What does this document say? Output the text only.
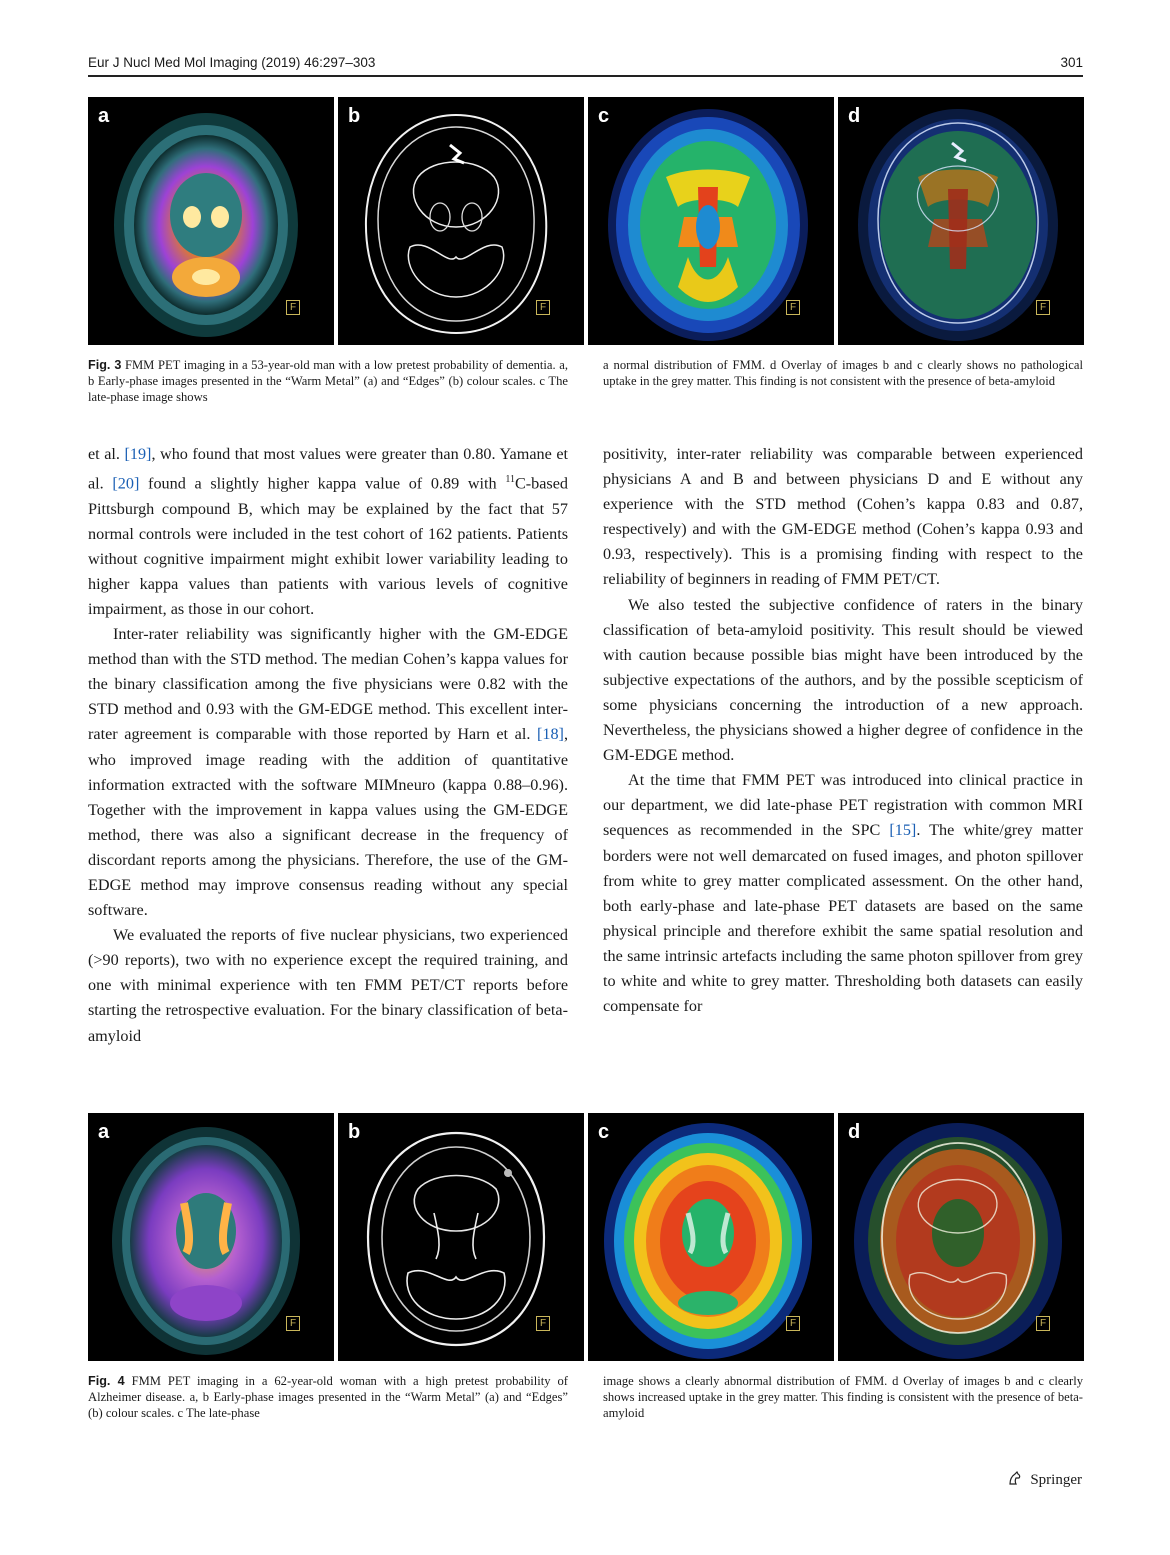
Eur J Nucl Med Mol Imaging (2019) 46:297–303	301
a
F
b
F
c
F
d
F
Fig. 3 FMM PET imaging in a 53-year-old man with a low pretest probability of dementia. a, b Early-phase images presented in the “Warm Metal” (a) and “Edges” (b) colour scales. c The late-phase image shows
a normal distribution of FMM. d Overlay of images b and c clearly shows no pathological uptake in the grey matter. This finding is not consistent with the presence of beta-amyloid

et al. [19], who found that most values were greater than 0.80. Yamane et al. [20] found a slightly higher kappa value of 0.89 with $^{11}$C-based Pittsburgh compound B, which may be explained by the fact that 57 normal controls were included in the test cohort of 162 patients. Patients without cognitive impairment might exhibit lower variability leading to higher kappa values than patients with various levels of cognitive impairment, as those in our cohort.

Inter-rater reliability was significantly higher with the GM-EDGE method than with the STD method. The median Cohen’s kappa values for the binary classification among the five physicians were 0.82 with the STD method and 0.93 with the GM-EDGE method. This excellent inter-rater agreement is comparable with those reported by Harn et al. [18], who improved image reading with the addition of quantitative information extracted with the software MIMneuro (kappa 0.88–0.96). Together with the improvement in kappa values using the GM-EDGE method, there was also a significant decrease in the frequency of discordant reports among the physicians. Therefore, the use of the GM-EDGE method may improve consensus reading without any special software.

We evaluated the reports of five nuclear physicians, two experienced (>90 reports), two with no experience except the required training, and one with minimal experience with ten FMM PET/CT reports before starting the retrospective evaluation. For the binary classification of beta-amyloid

positivity, inter-rater reliability was comparable between experienced physicians A and B and between physicians D and E without any experience with the STD method (Cohen’s kappa 0.83 and 0.87, respectively) and with the GM-EDGE method (Cohen’s kappa 0.93 and 0.93, respectively). This is a promising finding with respect to the reliability of beginners in reading of FMM PET/CT.

We also tested the subjective confidence of raters in the binary classification of beta-amyloid positivity. This result should be viewed with caution because possible bias might have been introduced by the subjective expectations of the authors, and by the possible scepticism of some physicians concerning the introduction of a new approach. Nevertheless, the physicians showed a higher degree of confidence in the GM-EDGE method.

At the time that FMM PET was introduced into clinical practice in our department, we did late-phase PET registration with common MRI sequences as recommended in the SPC [15]. The white/grey matter borders were not well demarcated on fused images, and photon spillover from white to grey matter complicated assessment. On the other hand, both early-phase and late-phase PET datasets are based on the same physical principle and therefore exhibit the same spatial resolution and the same intrinsic artefacts including the same photon spillover from grey to white and white to grey matter. Thresholding both datasets can easily compensate for

a
F
b
F
c
F
d
F
Fig. 4 FMM PET imaging in a 62-year-old woman with a high pretest probability of Alzheimer disease. a, b Early-phase images presented in the “Warm Metal” (a) and “Edges” (b) colour scales. c The late-phase
image shows a clearly abnormal distribution of FMM. d Overlay of images b and c clearly shows increased uptake in the grey matter. This finding is consistent with the presence of beta-amyloid
Springer
